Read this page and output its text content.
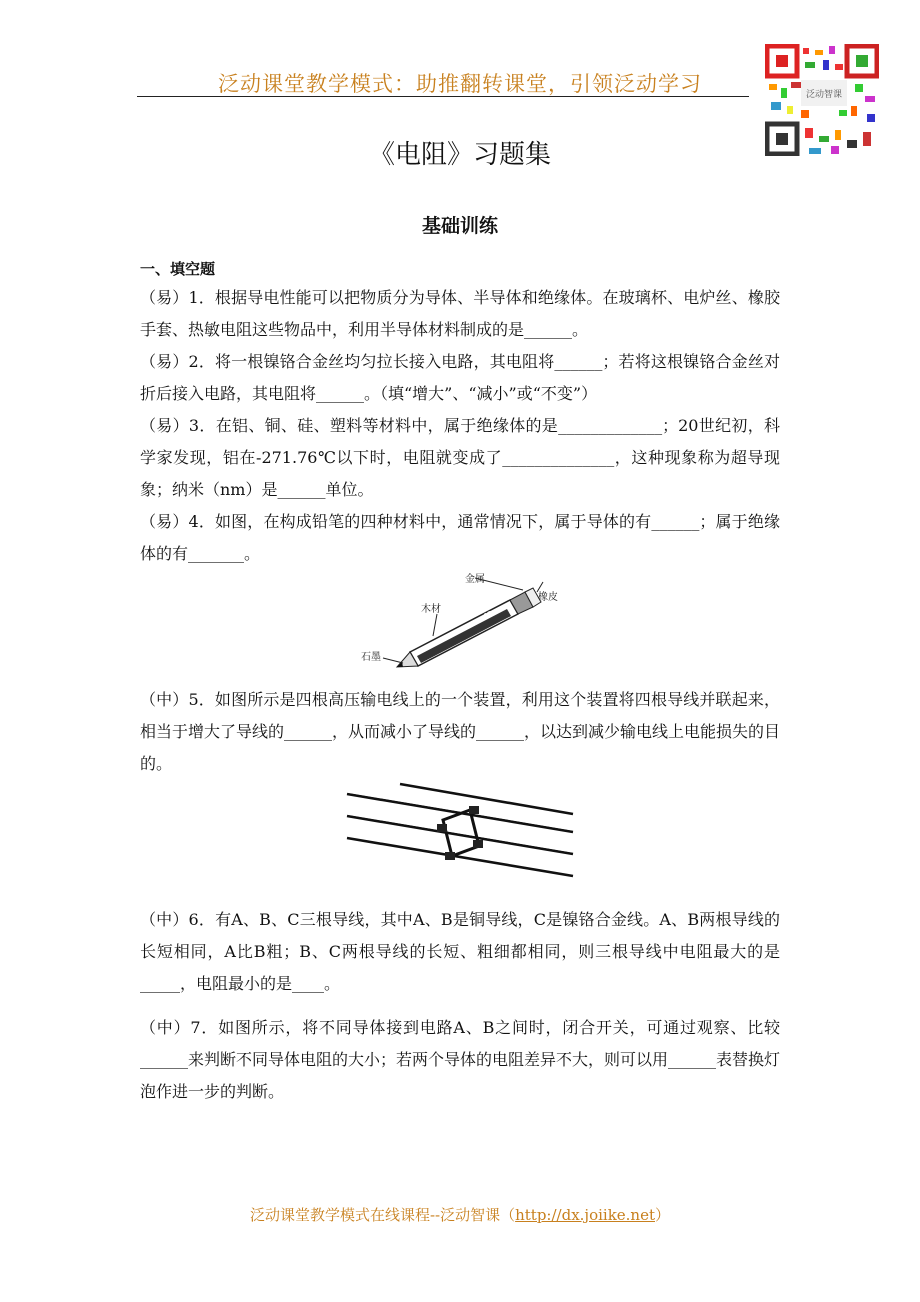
泛动课堂教学模式：助推翻转课堂，引领泛动学习	泛动智课
《电阻》习题集
基础训练
一、填空题
（易）1．根据导电性能可以把物质分为导体、半导体和绝缘体。在玻璃杯、电炉丝、橡胶手套、热敏电阻这些物品中，利用半导体材料制成的是______。
（易）2．将一根镍铬合金丝均匀拉长接入电路，其电阻将______；若将这根镍铬合金丝对折后接入电路，其电阻将______。（填“增大”、“减小”或“不变”）
（易）3．在铝、铜、硅、塑料等材料中，属于绝缘体的是_____________；20世纪初，科学家发现，铝在-271.76℃以下时，电阻就变成了______________，这种现象称为超导现象；纳米（nm）是______单位。
（易）4．如图，在构成铅笔的四种材料中，通常情况下，属于导体的有______；属于绝缘体的有_______。
金属
橡皮
木材
石墨
6B
（中）5．如图所示是四根高压输电线上的一个装置，利用这个装置将四根导线并联起来，相当于增大了导线的______，从而减小了导线的______，以达到减少输电线上电能损失的目的。
（中）6．有A、B、C三根导线，其中A、B是铜导线，C是镍铬合金线。A、B两根导线的长短相同，A比B粗；B、C两根导线的长短、粗细都相同，则三根导线中电阻最大的是_____，电阻最小的是____。
（中）7．如图所示，将不同导体接到电路A、B之间时，闭合开关，可通过观察、比较______来判断不同导体电阻的大小；若两个导体的电阻差异不大，则可以用______表替换灯泡作进一步的判断。
泛动课堂教学模式在线课程--泛动智课（http://dx.joiike.net）
